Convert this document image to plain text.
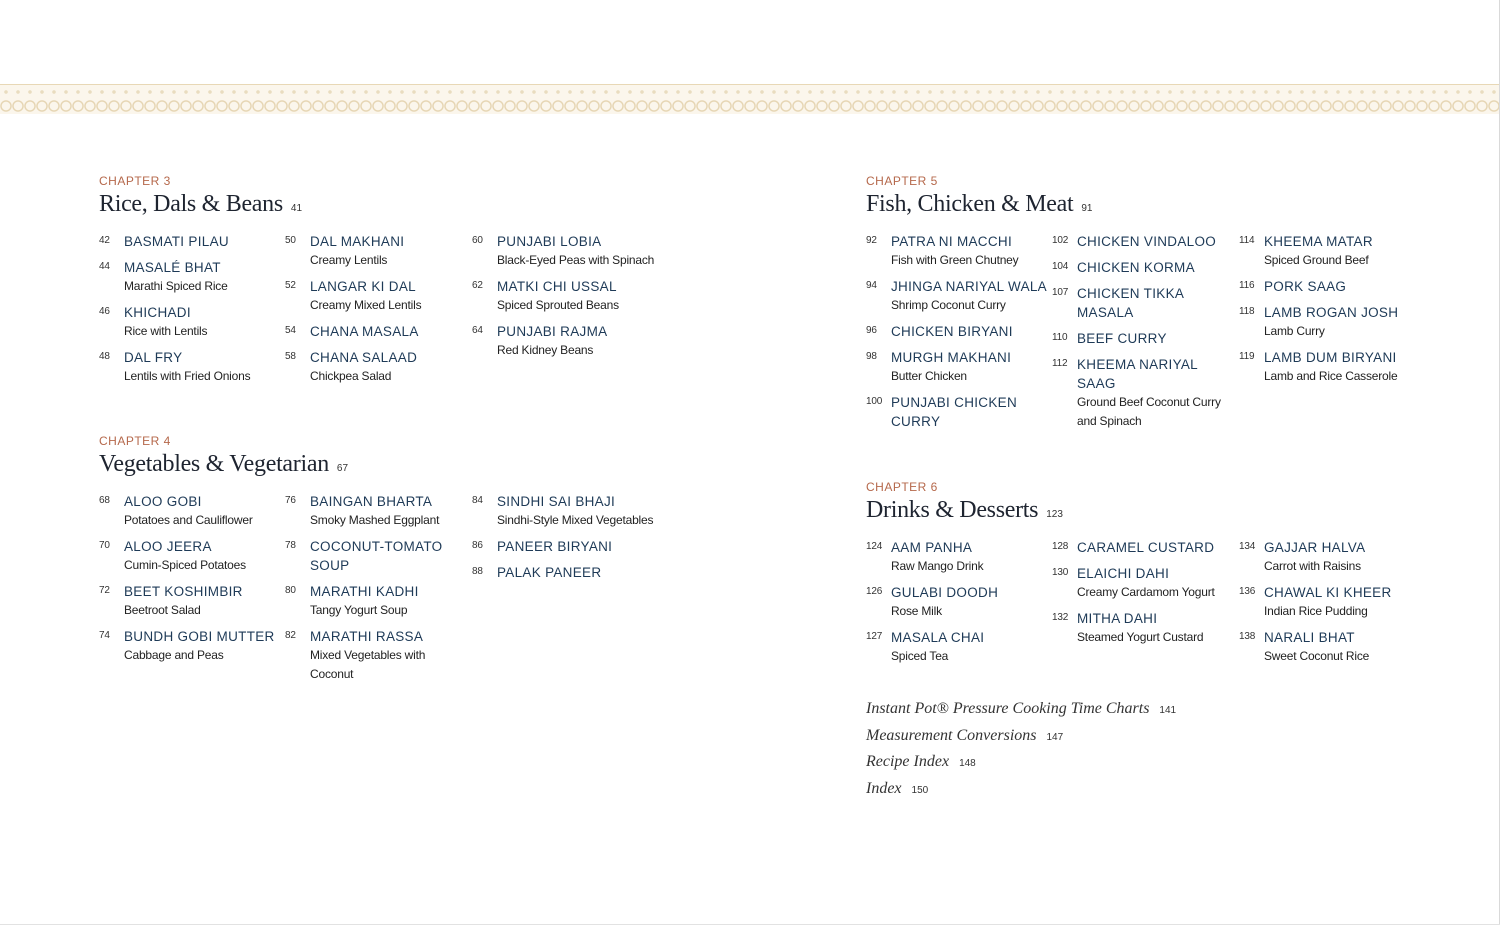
CHAPTER 3
Rice, Dals & Beans 41
42	BASMATI PILAU
44	MASALÉ BHAT
Marathi Spiced Rice
46	KHICHADI
Rice with Lentils
48	DAL FRY
Lentils with Fried Onions
50	DAL MAKHANI
Creamy Lentils
52	LANGAR KI DAL
Creamy Mixed Lentils
54	CHANA MASALA
58	CHANA SALAAD
Chickpea Salad
60	PUNJABI LOBIA
Black-Eyed Peas with Spinach
62	MATKI CHI USSAL
Spiced Sprouted Beans
64	PUNJABI RAJMA
Red Kidney Beans
CHAPTER 4
Vegetables & Vegetarian 67
68	ALOO GOBI
Potatoes and Cauliflower
70	ALOO JEERA
Cumin-Spiced Potatoes
72	BEET KOSHIMBIR
Beetroot Salad
74	BUNDH GOBI MUTTER
Cabbage and Peas
76	BAINGAN BHARTA
Smoky Mashed Eggplant
78	COCONUT-TOMATO SOUP
80	MARATHI KADHI
Tangy Yogurt Soup
82	MARATHI RASSA
Mixed Vegetables with Coconut
84	SINDHI SAI BHAJI
Sindhi-Style Mixed Vegetables
86	PANEER BIRYANI
88	PALAK PANEER
CHAPTER 5
Fish, Chicken & Meat 91
92	PATRA NI MACCHI
Fish with Green Chutney
94	JHINGA NARIYAL WALA
Shrimp Coconut Curry
96	CHICKEN BIRYANI
98	MURGH MAKHANI
Butter Chicken
100 PUNJABI CHICKEN CURRY
102 CHICKEN VINDALOO
104 CHICKEN KORMA
107 CHICKEN TIKKA MASALA
110 BEEF CURRY
112 KHEEMA NARIYAL SAAG
Ground Beef Coconut Curry and Spinach
114 KHEEMA MATAR
Spiced Ground Beef
116 PORK SAAG
118 LAMB ROGAN JOSH
Lamb Curry
119 LAMB DUM BIRYANI
Lamb and Rice Casserole
CHAPTER 6
Drinks & Desserts 123
124 AAM PANHA
Raw Mango Drink
126 GULABI DOODH
Rose Milk
127 MASALA CHAI
Spiced Tea
128 CARAMEL CUSTARD
130 ELAICHI DAHI
Creamy Cardamom Yogurt
132 MITHA DAHI
Steamed Yogurt Custard
134 GAJJAR HALVA
Carrot with Raisins
136 CHAWAL KI KHEER
Indian Rice Pudding
138 NARALI BHAT
Sweet Coconut Rice
Instant Pot® Pressure Cooking Time Charts 141
Measurement Conversions 147
Recipe Index 148
Index 150
